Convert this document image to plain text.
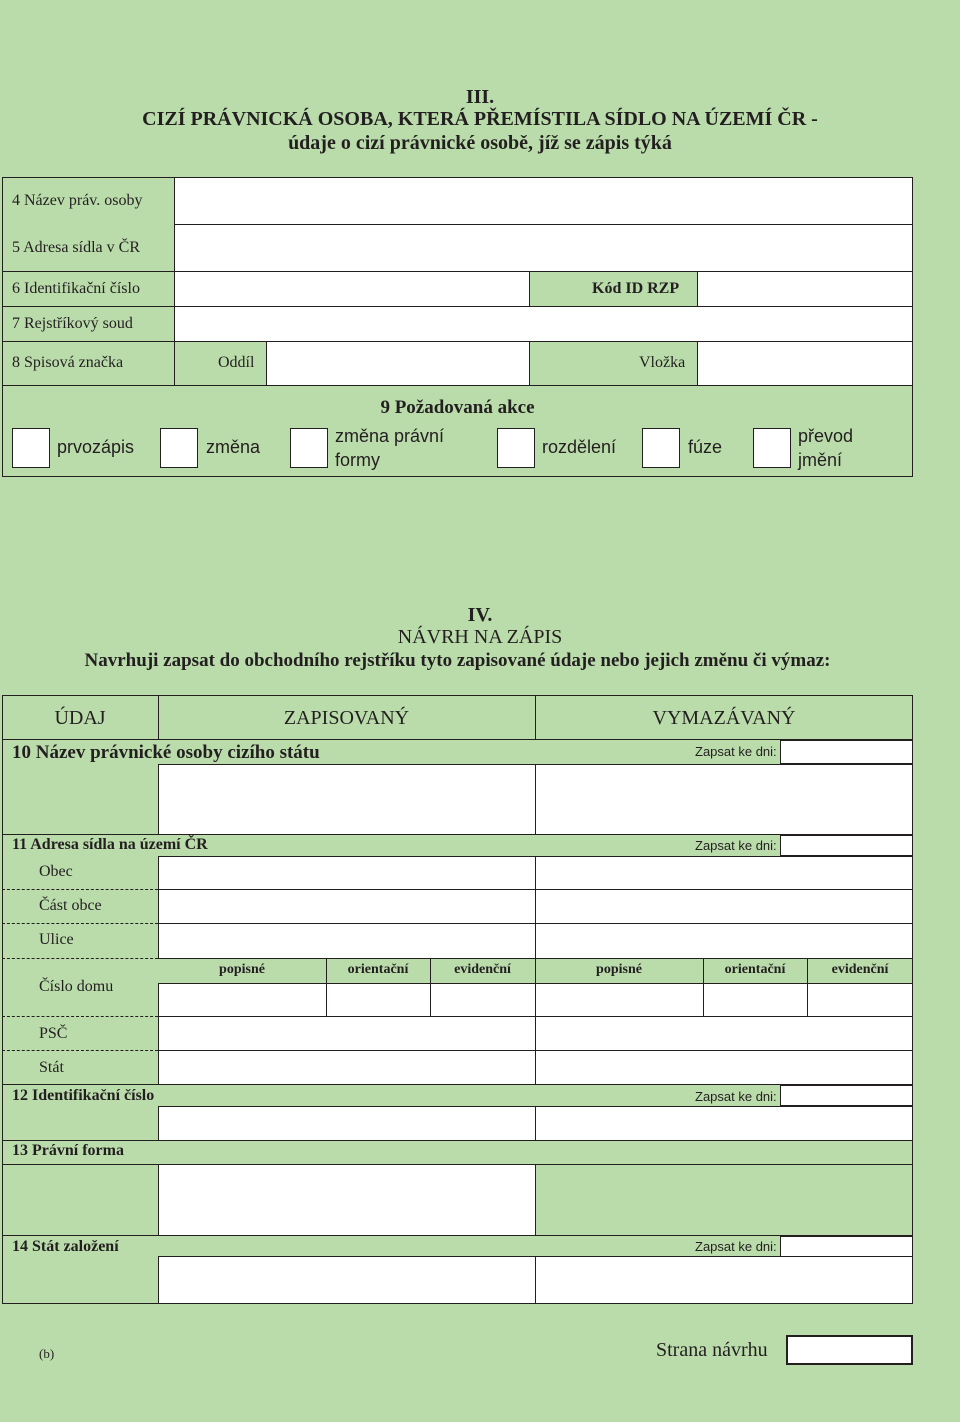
III.
CIZÍ PRÁVNICKÁ OSOBA, KTERÁ PŘEMÍSTILA SÍDLO NA ÚZEMÍ ČR -
údaje o cizí právnické osobě, jíž se zápis týká
4 Název práv. osoby
5 Adresa sídla v ČR
6 Identifikační číslo	Kód ID RZP
7 Rejstříkový soud
8 Spisová značka	Oddíl	Vložka
9 Požadovaná akce
prvozápis	změna
změna právní
formy
rozdělení	fúze
převod
jmění
IV.
NÁVRH NA ZÁPIS
Navrhuji zapsat do obchodního rejstříku tyto zapisované údaje nebo jejich změnu či výmaz:
ÚDAJ	ZAPISOVANÝ	VYMAZÁVANÝ
10 Název právnické osoby cizího státu	Zapsat ke dni:
11 Adresa sídla na území ČR	Zapsat ke dni:
Obec
Část obce
Ulice
Číslo domu
popisné	orientační	evidenční	popisné	orientační	evidenční
PSČ
Stát
12 Identifikační číslo	Zapsat ke dni:
13 Právní forma
14 Stát založení	Zapsat ke dni:
(b)	Strana návrhu
